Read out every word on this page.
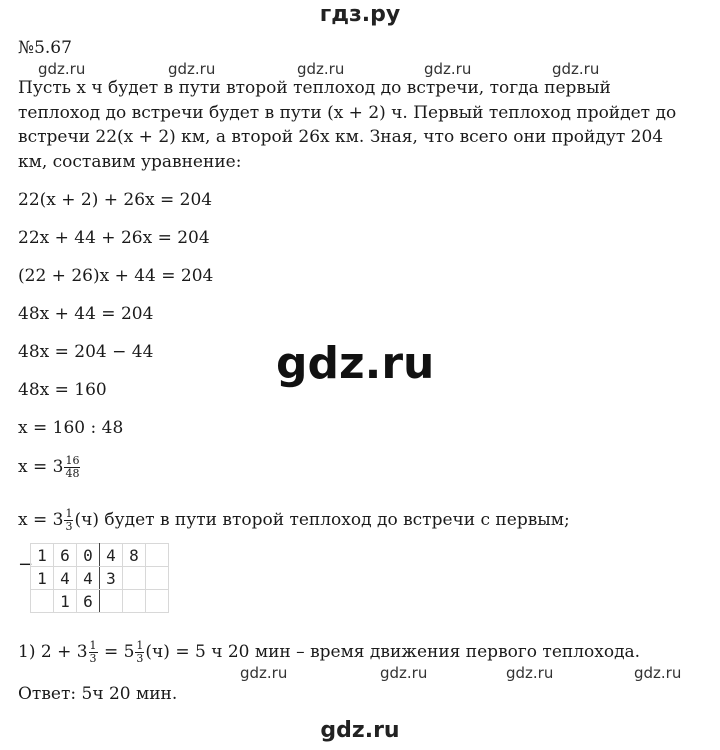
гдз.ру
№5.67
gdz.ru	gdz.ru	gdz.ru	gdz.ru	gdz.ru

Пусть x ч будет в пути второй теплоход до встречи, тогда первый

теплоход до встречи будет в пути (x + 2) ч. Первый теплоход пройдет до

встречи 22(x + 2) км, а второй 26x км. Зная, что всего они пройдут 204

км, составим уравнение:

22(x + 2) + 26x = 204
22x + 44 + 26x = 204
(22 + 26)x + 44 = 204
48x + 44 = 204
48x = 204 − 44
48x = 160
x = 160 : 48
$x = 3 \frac{16}{48}$
$x = 3 \frac{1}{3} (ч)$ будет в пути второй теплоход до встречи с первым;
gdz.ru
− 1	6	0	4	8	
1	4	4	3		
	1	6			
1) $2 + 3 \frac{1}{3} = 5 \frac{1}{3} (ч) = 5$ ч 20 мин – время движения первого теплохода.
gdz.ru	gdz.ru	gdz.ru	gdz.ru
Ответ: 5ч 20 мин.
gdz.ru
